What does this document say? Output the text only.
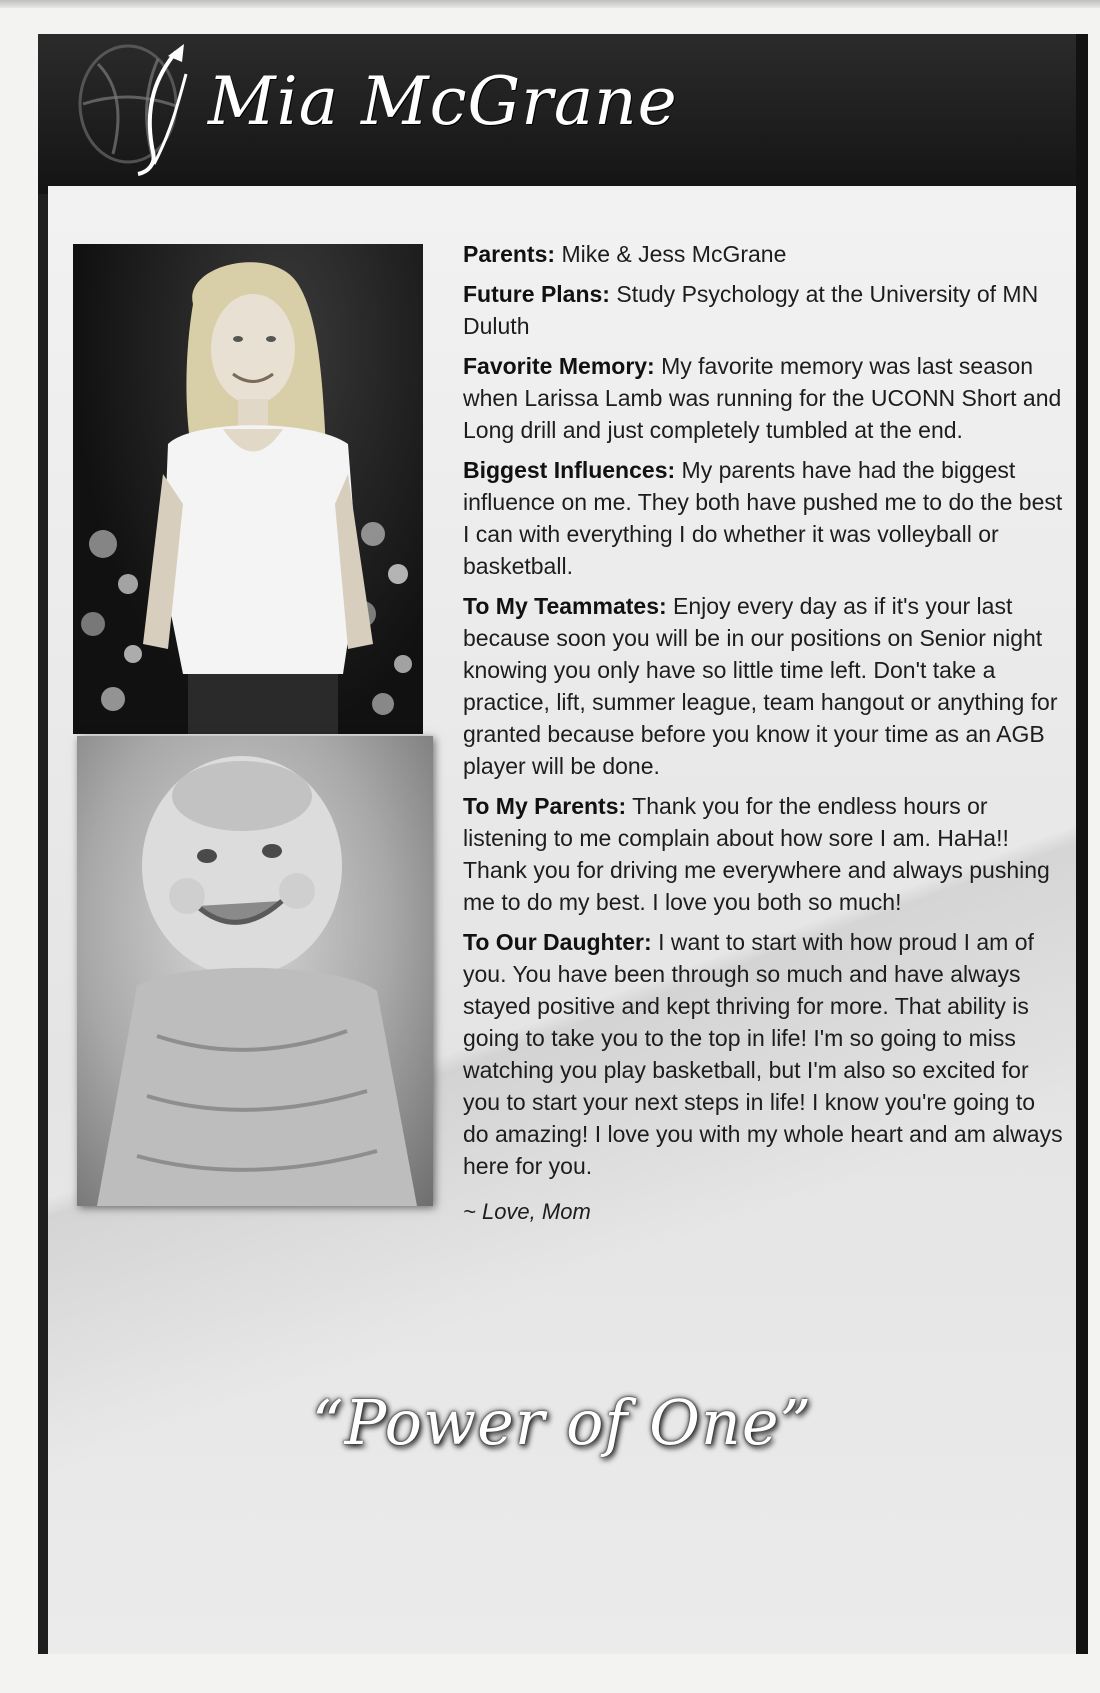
Mia McGrane

Parents: Mike & Jess McGrane

Future Plans: Study Psychology at the University of MN Duluth

Favorite Memory: My favorite memory was last season when Larissa Lamb was running for the UCONN Short and Long drill and just completely tumbled at the end.

Biggest Influences: My parents have had the biggest influence on me. They both have pushed me to do the best I can with everything I do whether it was volleyball or basketball.

To My Teammates: Enjoy every day as if it's your last because soon you will be in our positions on Senior night knowing you only have so little time left. Don't take a practice, lift, summer league, team hangout or anything for granted because before you know it your time as an AGB player will be done.

To My Parents: Thank you for the endless hours or listening to me complain about how sore I am. HaHa!! Thank you for driving me everywhere and always pushing me to do my best. I love you both so much!

To Our Daughter: I want to start with how proud I am of you. You have been through so much and have always stayed positive and kept thriving for more. That ability is going to take you to the top in life! I'm so going to miss watching you play basketball, but I'm also so excited for you to start your next steps in life! I know you're going to do amazing! I love you with my whole heart and am always here for you.

~ Love, Mom

“Power of One”
